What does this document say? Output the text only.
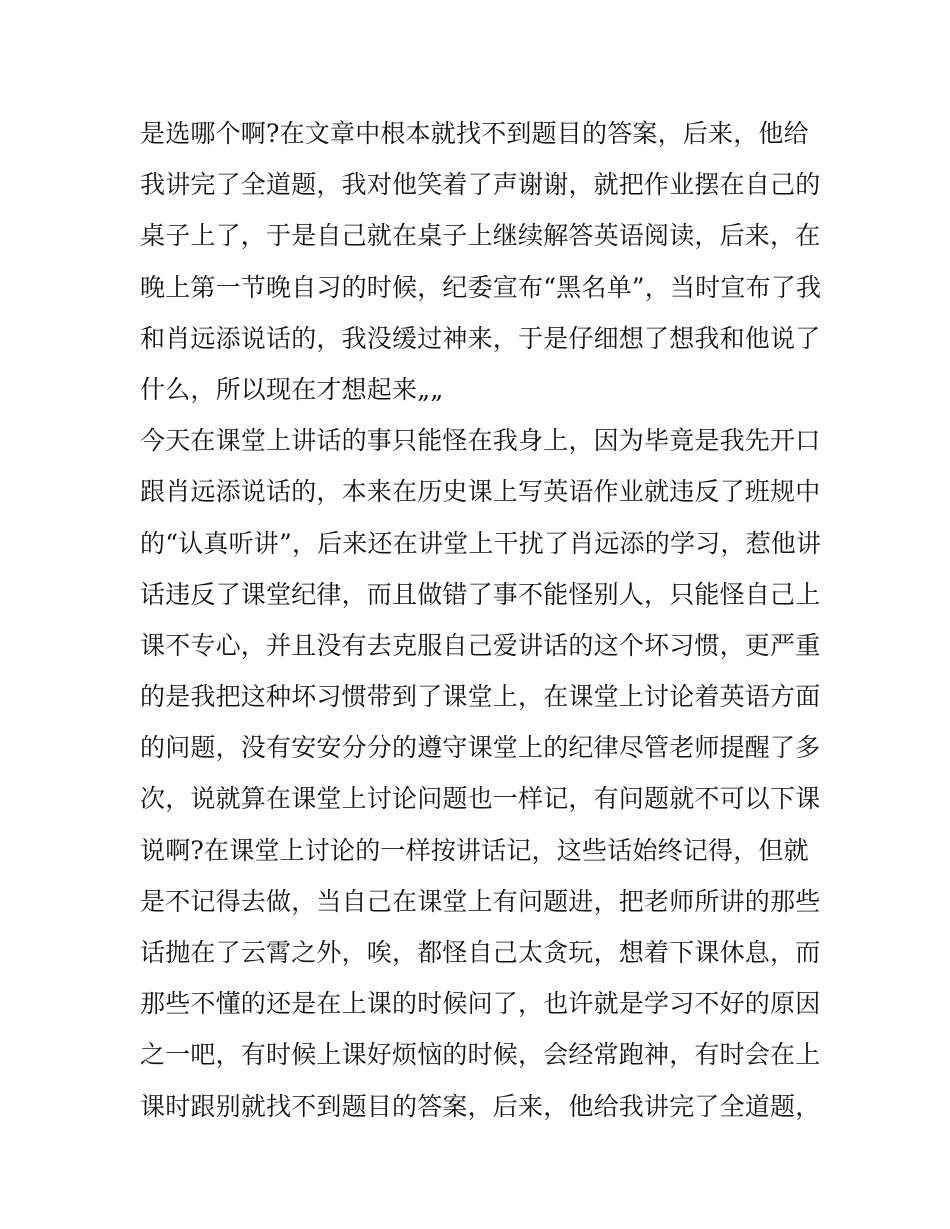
是选哪个啊?在文章中根本就找不到题目的答案，后来，他给
我讲完了全道题，我对他笑着了声谢谢，就把作业摆在自己的
桌子上了，于是自己就在桌子上继续解答英语阅读，后来，在
晚上第一节晚自习的时候，纪委宣布“黑名单”，当时宣布了我
和肖远添说话的，我没缓过神来，于是仔细想了想我和他说了
什么，所以现在才想起来„„
今天在课堂上讲话的事只能怪在我身上，因为毕竟是我先开口
跟肖远添说话的，本来在历史课上写英语作业就违反了班规中
的“认真听讲”，后来还在讲堂上干扰了肖远添的学习，惹他讲
话违反了课堂纪律，而且做错了事不能怪别人，只能怪自己上
课不专心，并且没有去克服自己爱讲话的这个坏习惯，更严重
的是我把这种坏习惯带到了课堂上，在课堂上讨论着英语方面
的问题，没有安安分分的遵守课堂上的纪律尽管老师提醒了多
次，说就算在课堂上讨论问题也一样记，有问题就不可以下课
说啊?在课堂上讨论的一样按讲话记，这些话始终记得，但就
是不记得去做，当自己在课堂上有问题进，把老师所讲的那些
话抛在了云霄之外，唉，都怪自己太贪玩，想着下课休息，而
那些不懂的还是在上课的时候问了，也许就是学习不好的原因
之一吧，有时候上课好烦恼的时候，会经常跑神，有时会在上
课时跟别就找不到题目的答案，后来，他给我讲完了全道题，
